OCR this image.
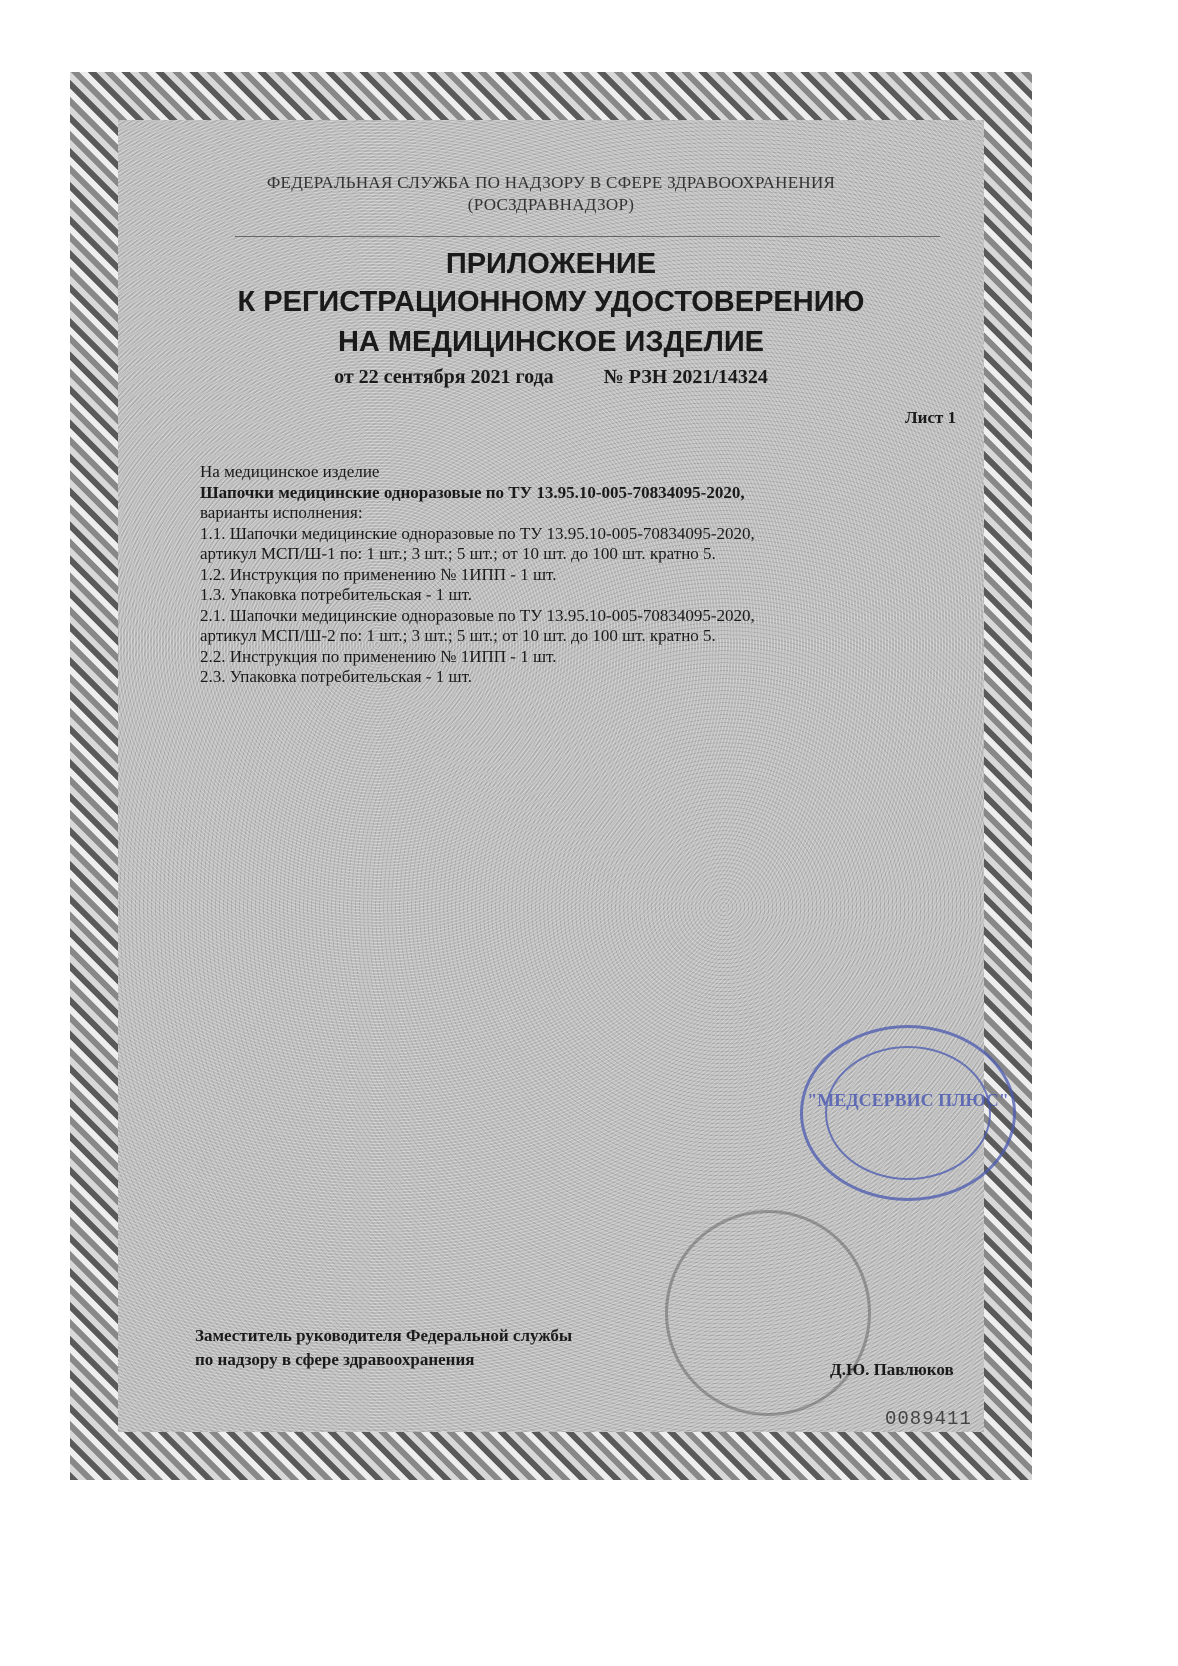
ФЕДЕРАЛЬНАЯ СЛУЖБА ПО НАДЗОРУ В СФЕРЕ ЗДРАВООХРАНЕНИЯ
(РОСЗДРАВНАДЗОР)
ПРИЛОЖЕНИЕ
К РЕГИСТРАЦИОННОМУ УДОСТОВЕРЕНИЮ
НА МЕДИЦИНСКОЕ ИЗДЕЛИЕ
от 22 сентября 2021 года	№ РЗН 2021/14324
Лист 1
На медицинское изделие
Шапочки медицинские одноразовые по ТУ 13.95.10-005-70834095-2020,
варианты исполнения:
1.1. Шапочки медицинские одноразовые по ТУ 13.95.10-005-70834095-2020,
артикул МСП/Ш-1 по: 1 шт.; 3 шт.; 5 шт.; от 10 шт. до 100 шт. кратно 5.
1.2. Инструкция по применению № 1ИПП - 1 шт.
1.3. Упаковка потребительская - 1 шт.
2.1. Шапочки медицинские одноразовые по ТУ 13.95.10-005-70834095-2020,
артикул МСП/Ш-2 по: 1 шт.; 3 шт.; 5 шт.; от 10 шт. до 100 шт. кратно 5.
2.2. Инструкция по применению № 1ИПП - 1 шт.
2.3. Упаковка потребительская - 1 шт.
"МЕДСЕРВИС ПЛЮС"
Заместитель руководителя Федеральной службы
по надзору в сфере здравоохранения
Д.Ю. Павлюков
0089411
